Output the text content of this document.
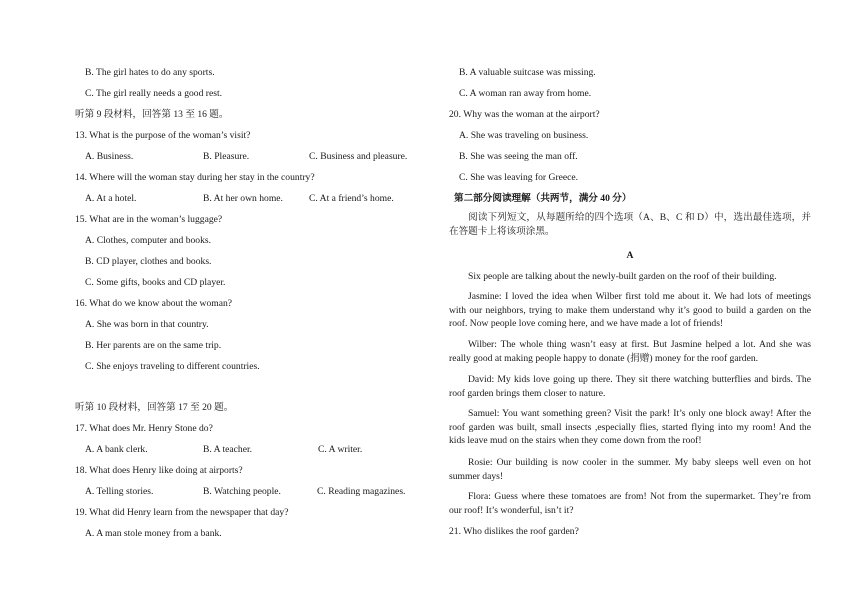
B. The girl hates to do any sports.
C. The girl really needs a good rest.
听第 9 段材料，回答第 13 至 16 题。
13. What is the purpose of the woman’s visit?
A. Business.	B. Pleasure.	C. Business and pleasure.
14. Where will the woman stay during her stay in the country?
A. At a hotel.	B. At her own home.	C. At a friend’s home.
15. What are in the woman’s luggage?
A. Clothes, computer and books.
B. CD player, clothes and books.
C. Some gifts, books and CD player.
16. What do we know about the woman?
A. She was born in that country.
B. Her parents are on the same trip.
C. She enjoys traveling to different countries.
听第 10 段材料，回答第 17 至 20 题。
17. What does Mr. Henry Stone do?
A. A bank clerk.	B. A teacher.	C. A writer.
18. What does Henry like doing at airports?
A. Telling stories.	B. Watching people.	C. Reading magazines.
19. What did Henry learn from the newspaper that day?
A. A man stole money from a bank.
B. A valuable suitcase was missing.
C. A woman ran away from home.
20. Why was the woman at the airport?
A. She was traveling on business.
B. She was seeing the man off.
C. She was leaving for Greece.
第二部分阅读理解（共两节，满分 40 分）
阅读下列短文，从每题所给的四个选项（A、B、C 和 D）中，选出最佳选项，并在答题卡上将该项涂黑。
A
Six people are talking about the newly-built garden on the roof of their building.
Jasmine: I loved the idea when Wilber first told me about it. We had lots of meetings with our neighbors, trying to make them understand why it’s good to build a garden on the roof. Now people love coming here, and we have made a lot of friends!
Wilber: The whole thing wasn’t easy at first. But Jasmine helped a lot. And she was really good at making people happy to donate (捐赠) money for the roof garden.
David: My kids love going up there. They sit there watching butterflies and birds. The roof garden brings them closer to nature.
Samuel: You want something green? Visit the park! It’s only one block away! After the roof garden was built, small insects ,especially flies, started flying into my room! And the kids leave mud on the stairs when they come down from the roof!
Rosie: Our building is now cooler in the summer. My baby sleeps well even on hot summer days!
Flora: Guess where these tomatoes are from! Not from the supermarket. They’re from our roof! It’s wonderful, isn’t it?
21. Who dislikes the roof garden?
